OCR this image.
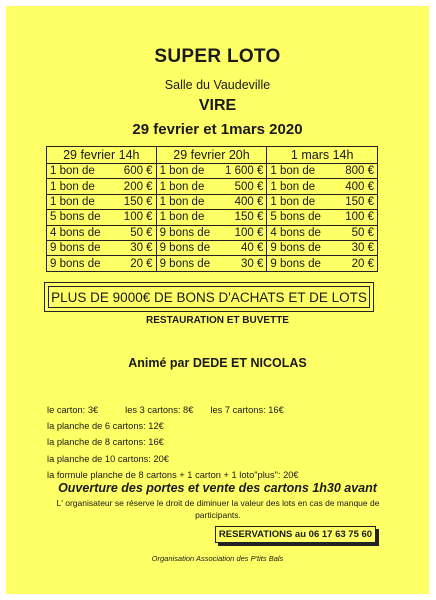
SUPER LOTO
Salle du Vaudeville
VIRE
29 fevrier et 1mars 2020
29 fevrier 14h		29 fevrier 20h		1 mars 14h	
1 bon de	600 €	1 bon de	1 600 €	1 bon de	800 €
1 bon de	200 €	1 bon de	500 €	1 bon de	400 €
1 bon de	150 €	1 bon de	400 €	1 bon de	150 €
5 bons de	100 €	1 bon de	150 €	5 bons de	100 €
4 bons de	50 €	9 bons de	100 €	4 bons de	50 €
9 bons de	30 €	9 bons de	40 €	9 bons de	30 €
9 bons de	20 €	9 bons de	30 €	9 bons de	20 €
PLUS DE 9000€ DE BONS D'ACHATS ET DE LOTS
RESTAURATION ET BUVETTE
Animé par DEDE ET NICOLAS
le carton: 3€	les 3 cartons: 8€ les 7 cartons: 16€
la planche de 6 cartons: 12€
la planche de 8 cartons: 16€
la planche de 10 cartons: 20€
la formule planche de 8 cartons + 1 carton + 1 loto"plus": 20€
Ouverture des portes et vente des cartons 1h30 avant
L' organisateur se réserve le droit de diminuer la valeur des lots en cas de manque de participants.
RESERVATIONS au 06 17 63 75 60
Organisation Association des P'tits Bals
